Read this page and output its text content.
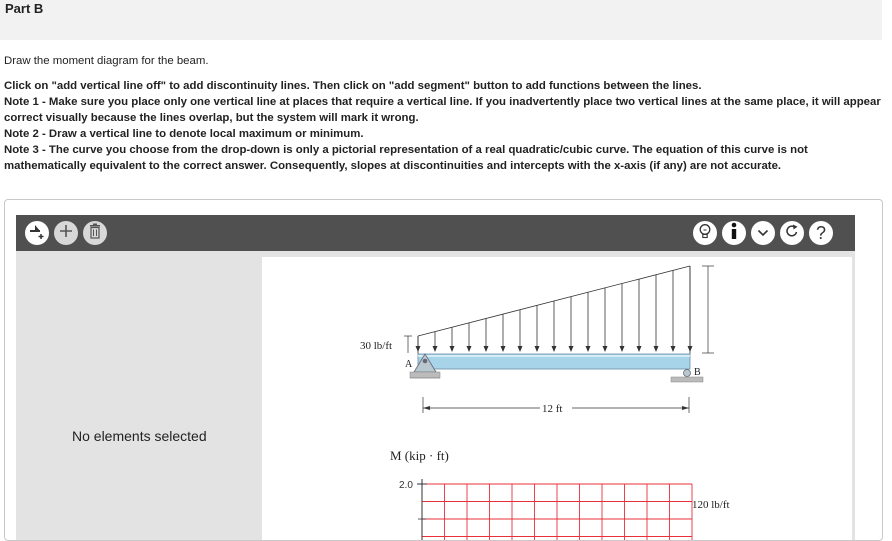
Part B
Draw the moment diagram for the beam.

Click on "add vertical line off" to add discontinuity lines. Then click on "add segment" button to add functions between the lines.

Note 1 - Make sure you place only one vertical line at places that require a vertical line. If you inadvertently place two vertical lines at the same place, it will appear correct visually because the lines overlap, but the system will mark it wrong.

Note 2 - Draw a vertical line to denote local maximum or minimum.

Note 3 - The curve you choose from the drop-down is only a pictorial representation of a real quadratic/cubic curve. The equation of this curve is not mathematically equivalent to the correct answer. Consequently, slopes at discontinuities and intercepts with the x-axis (if any) are not accurate.

?
No elements selected
120 lb/ft
30 lb/ft
A
B
12 ft
M (kip · ft)
2.0
